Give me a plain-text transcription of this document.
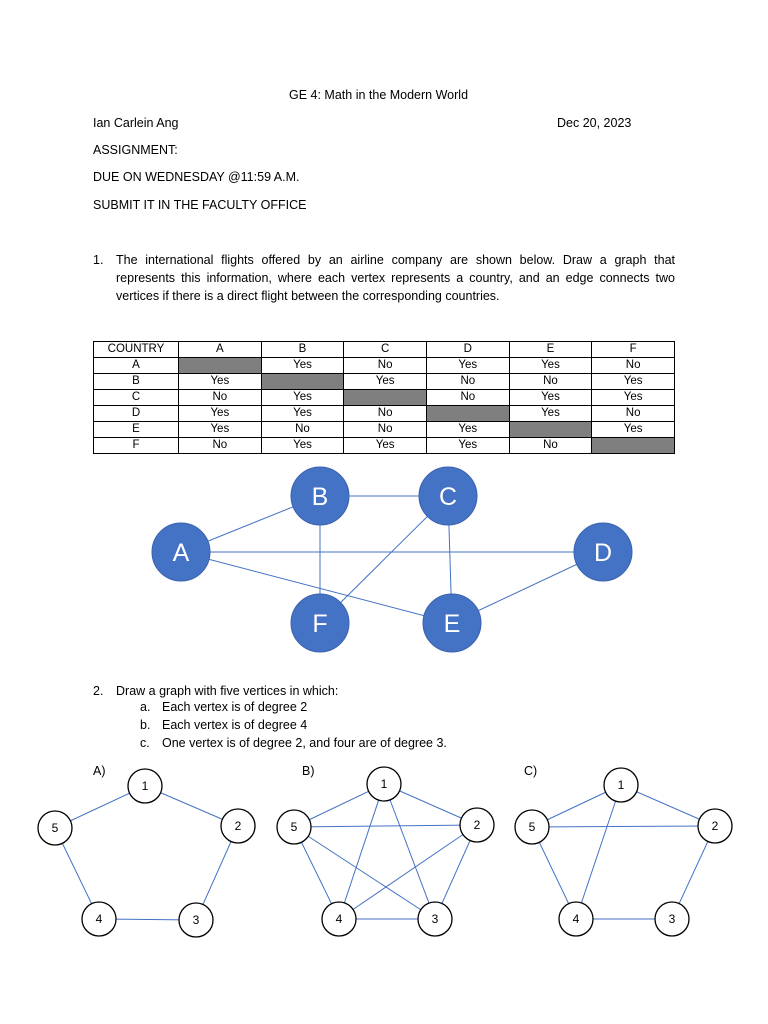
GE 4: Math in the Modern World
Ian Carlein Ang	Dec 20, 2023
ASSIGNMENT:
DUE ON WEDNESDAY @11:59 A.M.
SUBMIT IT IN THE FACULTY OFFICE
1. The international flights offered by an airline company are shown below. Draw a graph that represents this information, where each vertex represents a country, and an edge connects two vertices if there is a direct flight between the corresponding countries.
COUNTRY	A	B	C	D	E	F
A		Yes	No	Yes	Yes	No
B	Yes		Yes	No	No	Yes
C	No	Yes		No	Yes	Yes
D	Yes	Yes	No		Yes	No
E	Yes	No	No	Yes		Yes
F	No	Yes	Yes	Yes	No	
A
B	C
D
E
F
1
2
3
4
5
1
2
3
4
5
1
2
3
4
5
2. Draw a graph with five vertices in which:
a. Each vertex is of degree 2
b. Each vertex is of degree 4
c. One vertex is of degree 2, and four are of degree 3.
A)	B)	C)
